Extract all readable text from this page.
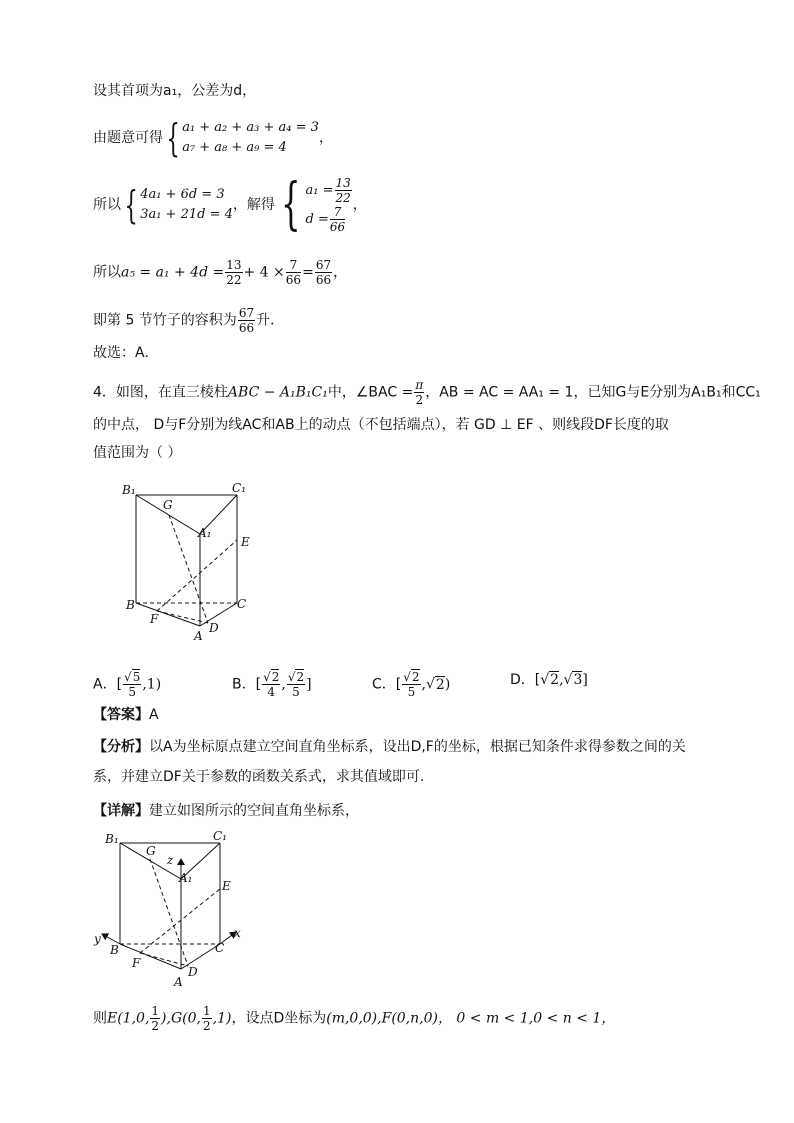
设其首项为a₁，公差为d，
由题意可得{ a₁ + a₂ + a₃ + a₄ = 3
a₇ + a₈ + a₉ = 4
，
所以{ 4a₁ + 6d = 3
3a₁ + 21d = 4
，解得 { $a_1 = \frac{13}{22}$
$d = \frac{7}{66}$ ，
所以$a_5 = a_1 + 4d = \frac{13}{22} + 4 \times \frac{7}{66} = \frac{67}{66}$ ，
即第 5 节竹子的容积为 $\frac{67}{66}$ 升．
故选：A．
4．如图，在直三棱柱ABC − A₁B₁C₁中，∠BAC = $\frac{\pi}{2}$ ，AB = AC = AA₁ = 1，已知G与E分别为A₁B₁和CC₁
的中点， D与F分别为线AC和AB上的动点（不包括端点），若 GD ⊥ EF 、则线段DF长度的取
值范围为（ ）
B₁	C₁
G
A₁
E
B	C
F
A
D
A．[ $\frac{√5}{5} ,1$)	B．[ $\frac{√2}{4}$ , $\frac{√2}{5}$ ]	C．[ $\frac{√2}{5} ,√2$)	D．[√2,√3]
【答案】A
【分析】以A为坐标原点建立空间直角坐标系，设出D,F的坐标，根据已知条件求得参数之间的关
系，并建立DF关于参数的函数关系式，求其值域即可.
【详解】建立如图所示的空间直角坐标系，
B₁	C₁
G
z
A₁
E
y
B	C
x
F
A
D
则E(1,0, $\frac{1}{2} ),G(0$, $\frac{1}{2} ,1$)，设点D坐标为(m,0,0),F(0,n,0)， 0 < m < 1,0 < n < 1，
